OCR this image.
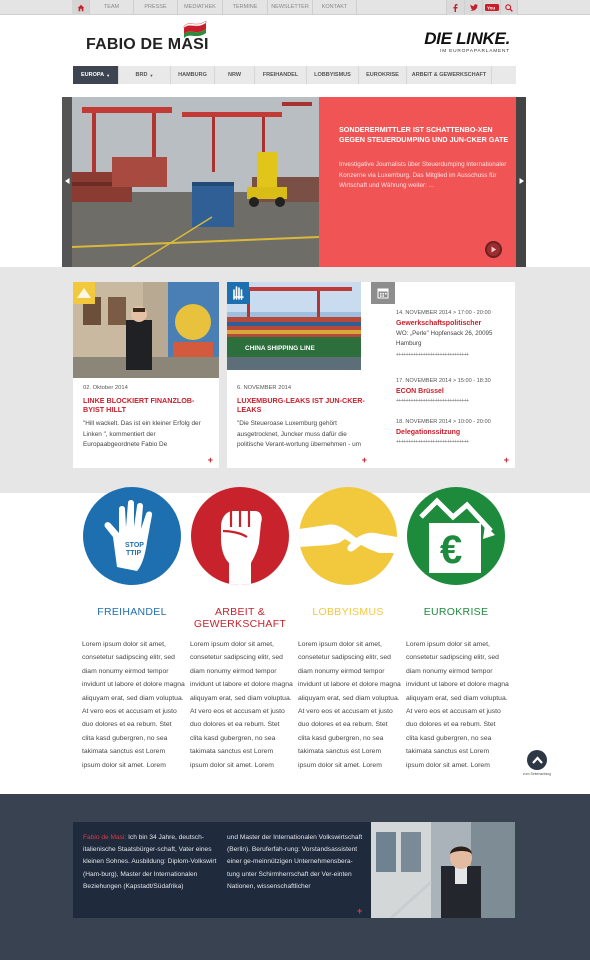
TEAM	PRESSE	MEDIATHEK	TERMINE	NEWSLETTER	KONTAKT	You
FABIO DE MASI	DIE LINKE.
IM EUROPAPARLAMENT
EUROPA ▼	BRD ▼	HAMBURG	NRW	FREIHANDEL	LOBBYISMUS	EUROKRISE ARBEIT & GEWERKSCHAFT
SONDERERMITTLER IST SCHATTENBO-XEN GEGEN STEUERDUMPING UND JUN-CKER GATE

Investigative Journalists über Steuerdumping internationaler Konzerne via Luxemburg. Das Mitglied im Ausschuss für Wirtschaft und Währung weiter: ...

02. Oktober 2014
LINKE BLOCKIERT FINANZLOB-BYIST HILLT

"Hill wackelt. Das ist ein kleiner Erfolg der Linken ", kommentiert der Europaabgeordnete Fabio De

+
CHINA SHIPPING LINE
6. NOVEMBER 2014
LUXEMBURG-LEAKS IST JUN-CKER-LEAKS

"Die Steueroase Luxemburg gehört ausgetrocknet, Juncker muss dafür die politische Verant-wortung übernehmen - um

+
14. NOVEMBER 2014 > 17:00 - 20:00
Gewerkschaftspolitischer
WO: „Perle" Hopfensack 26, 20095 Hamburg
++++++++++++++++++++++++++++++
17. NOVEMBER 2014 > 15:00 - 18:30
ECON Brüssel
++++++++++++++++++++++++++++++
18. NOVEMBER 2014 > 10:00 - 20:00
Delegationssitzung
++++++++++++++++++++++++++++++
+
STOP
TTIP
FREIHANDEL	ARBEIT & GEWERKSCHAFT
LOBBYISMUS
€
EUROKRISE
Lorem ipsum dolor sit amet, consetetur sadipscing elitr, sed diam nonumy eirmod tempor invidunt ut labore et dolore magna aliquyam erat, sed diam voluptua. At vero eos et accusam et justo duo dolores et ea rebum. Stet clita kasd gubergren, no sea takimata sanctus est Lorem ipsum dolor sit amet. Lorem
Lorem ipsum dolor sit amet, consetetur sadipscing elitr, sed diam nonumy eirmod tempor invidunt ut labore et dolore magna aliquyam erat, sed diam voluptua. At vero eos et accusam et justo duo dolores et ea rebum. Stet clita kasd gubergren, no sea takimata sanctus est Lorem ipsum dolor sit amet. Lorem
Lorem ipsum dolor sit amet, consetetur sadipscing elitr, sed diam nonumy eirmod tempor invidunt ut labore et dolore magna aliquyam erat, sed diam voluptua. At vero eos et accusam et justo duo dolores et ea rebum. Stet clita kasd gubergren, no sea takimata sanctus est Lorem ipsum dolor sit amet. Lorem
Lorem ipsum dolor sit amet, consetetur sadipscing elitr, sed diam nonumy eirmod tempor invidunt ut labore et dolore magna aliquyam erat, sed diam voluptua. At vero eos et accusam et justo duo dolores et ea rebum. Stet clita kasd gubergren, no sea takimata sanctus est Lorem ipsum dolor sit amet. Lorem
zum Seitenanfang
Fabio de Masi: Ich bin 34 Jahre, deutsch-italienische Staatsbürger-schaft, Vater eines kleinen Sohnes. Ausbildung: Diplom-Volkswirt (Ham-burg), Master der Internationalen Beziehungen (Kapstadt/Südafrika)
und Master der Internationalen Volkswirtschaft (Berlin). Beruferfah-rung: Vorstandsassistent einer ge-meinnützigen Unternehmensbera-tung unter Schirmherrschaft der Ver-einten Nationen, wissenschaftlicher
+
